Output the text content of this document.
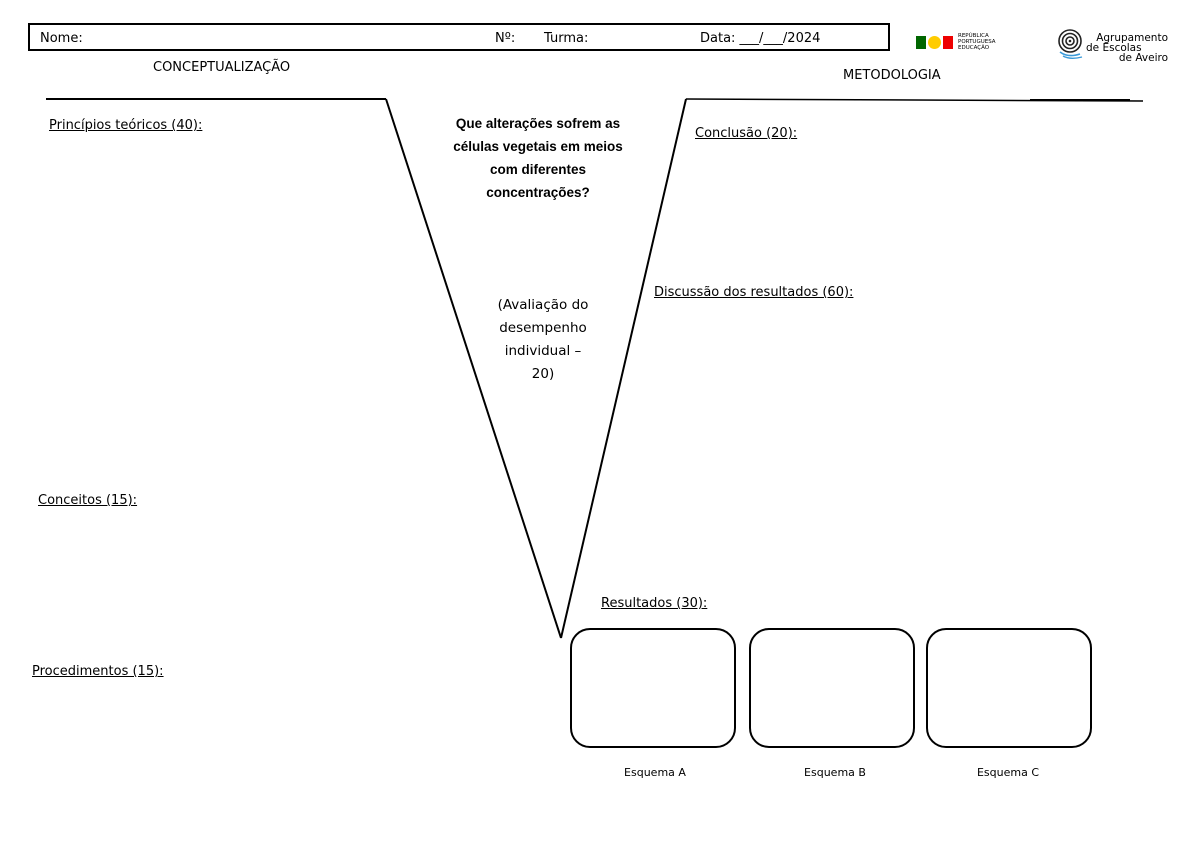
Nome:	Nº: Turma:	Data: ___/___/2024	REPÚBLICA
PORTUGUESA
EDUCAÇÃO
Agrupamento
de Escolas
de Aveiro
CONCEPTUALIZAÇÃO
METODOLOGIA
Que alterações sofrem as
células vegetais em meios
com diferentes
concentrações?
(Avaliação do
desempenho
individual –
20)
Princípios teóricos (40):
Conceitos (15):
Procedimentos (15):
Conclusão (20):
Discussão dos resultados (60):
Resultados (30):
Esquema A	Esquema B	Esquema C
